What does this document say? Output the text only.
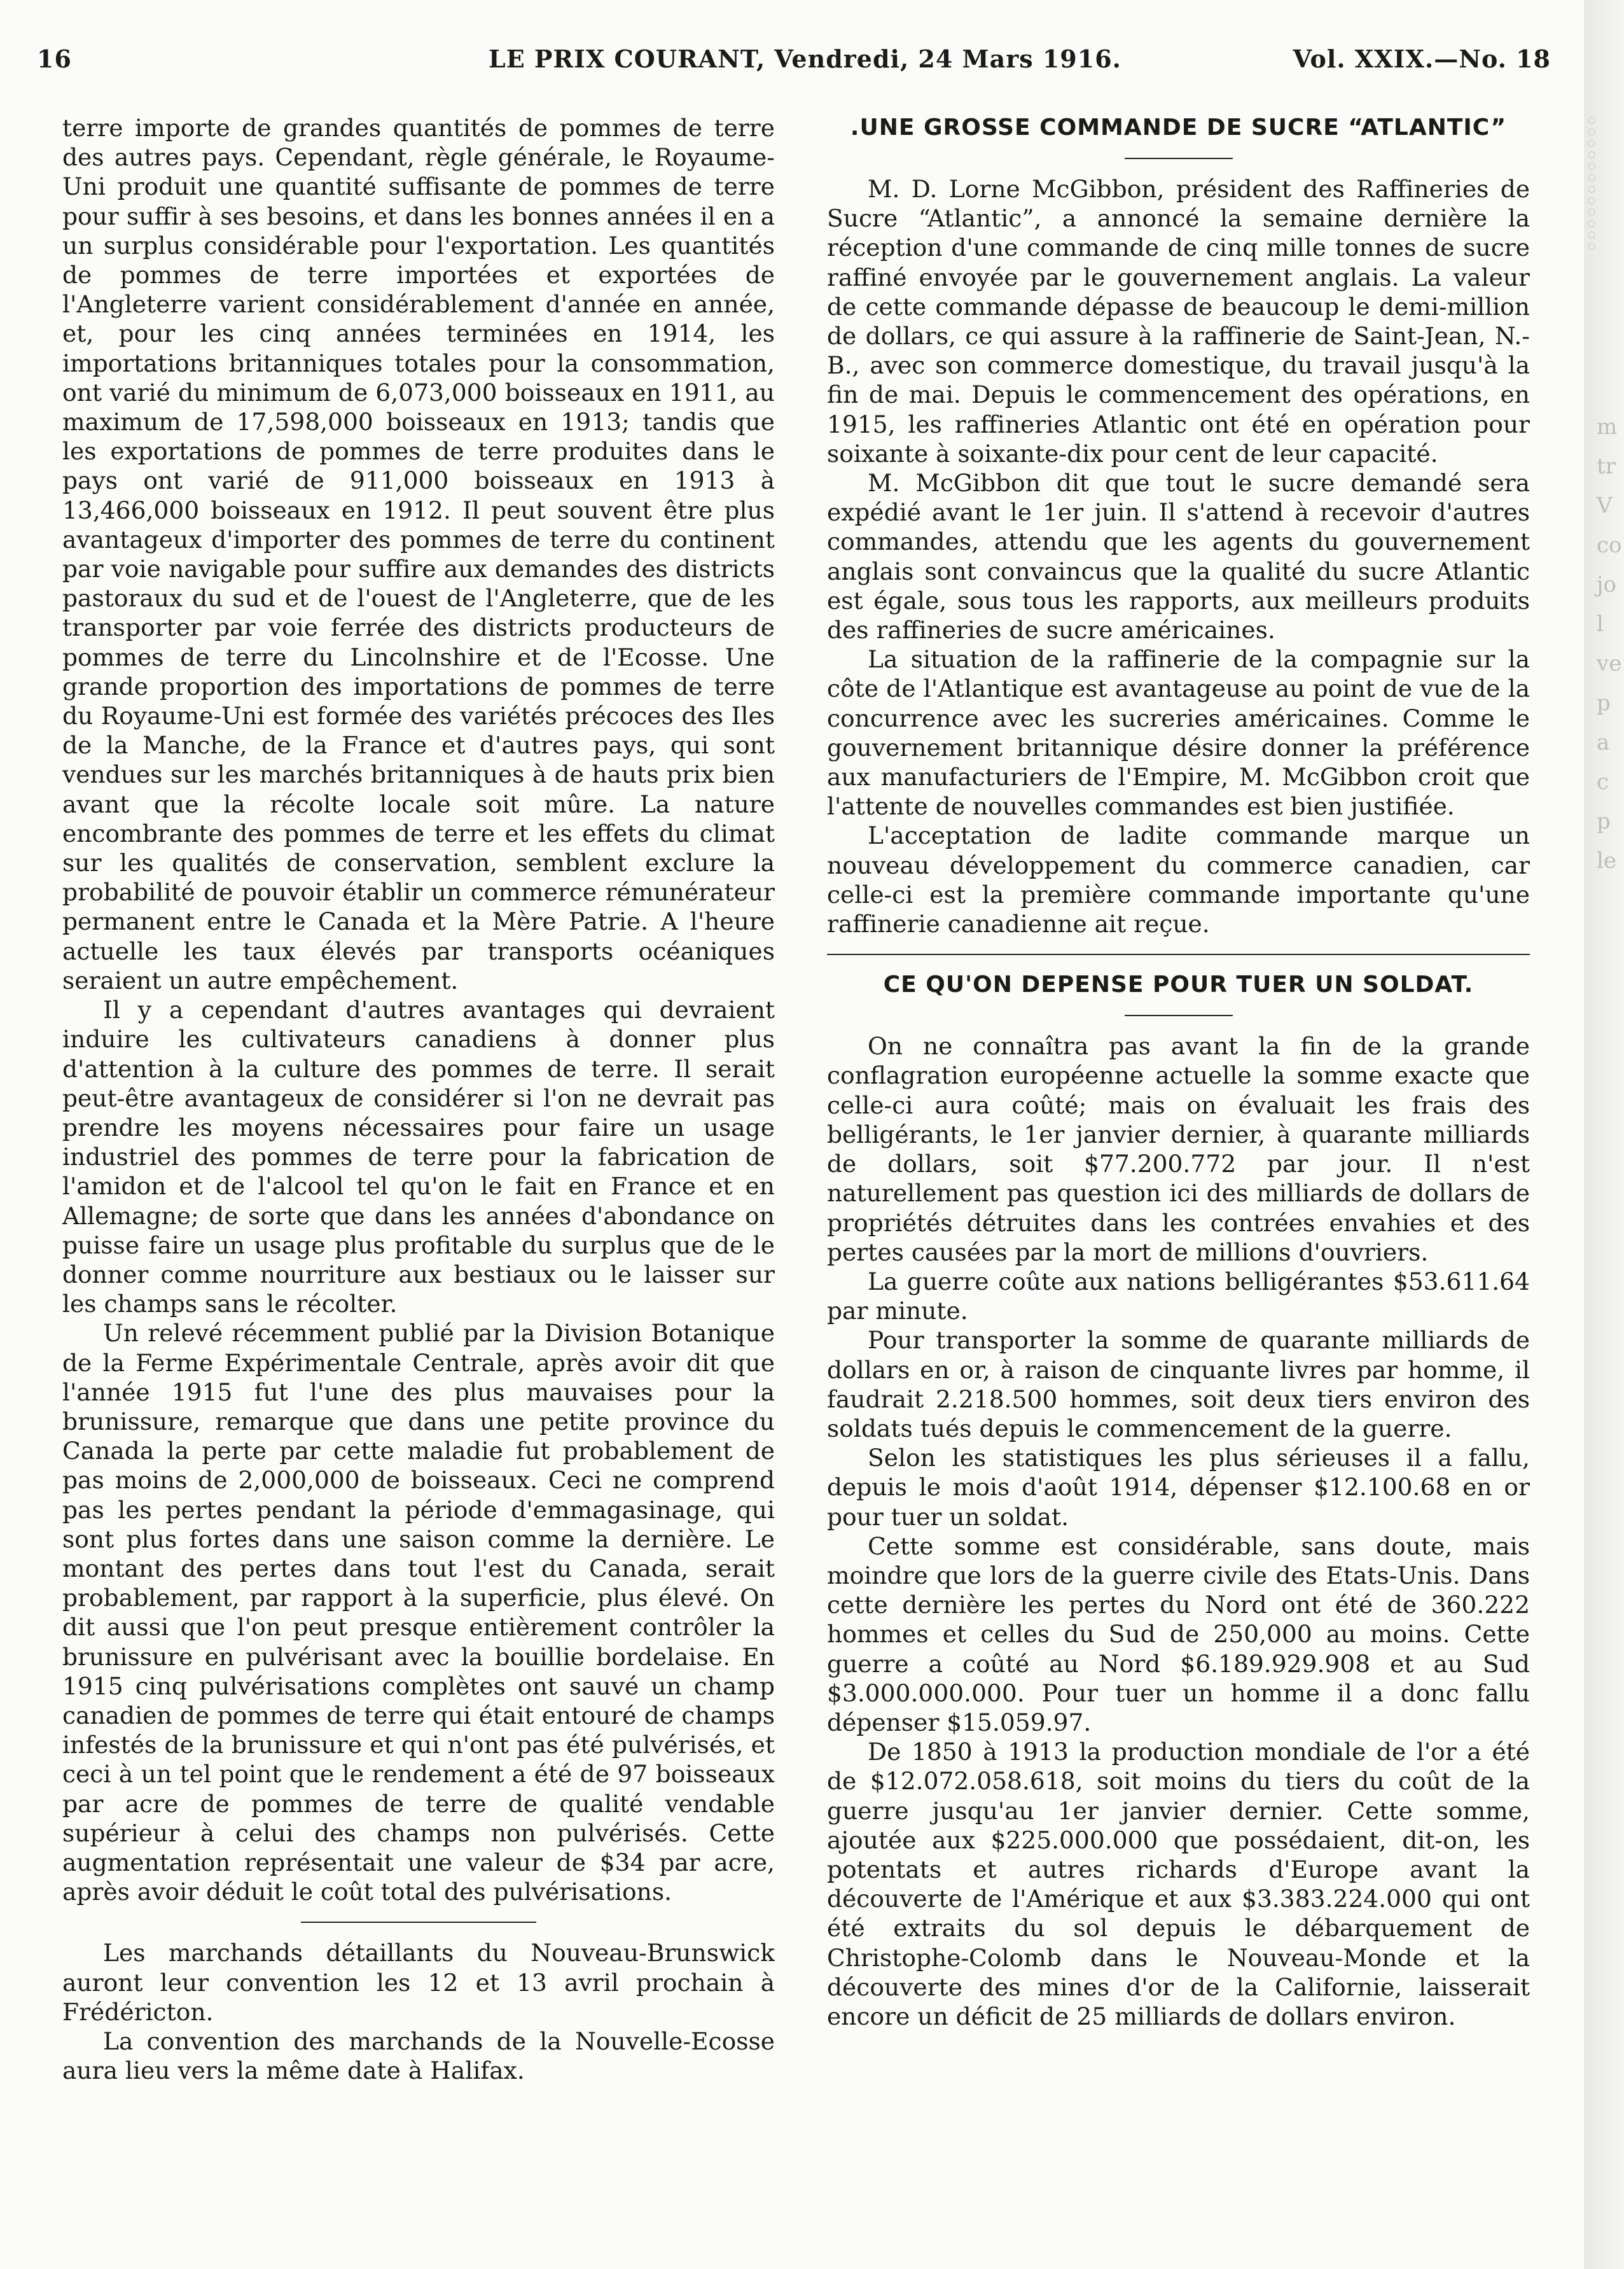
16	LE PRIX COURANT, Vendredi, 24 Mars 1916.	Vol. XXIX.—No. 18

terre importe de grandes quantités de pommes de terre des autres pays. Cependant, règle générale, le Royaume-Uni produit une quantité suffisante de pommes de terre pour suffir à ses besoins, et dans les bonnes années il en a un surplus considérable pour l'exportation. Les quantités de pommes de terre importées et exportées de l'Angleterre varient considérablement d'année en année, et, pour les cinq années terminées en 1914, les importations britanniques totales pour la consommation, ont varié du minimum de 6,073,000 boisseaux en 1911, au maximum de 17,598,000 boisseaux en 1913; tandis que les exportations de pommes de terre produites dans le pays ont varié de 911,000 boisseaux en 1913 à 13,466,000 boisseaux en 1912. Il peut souvent être plus avantageux d'importer des pommes de terre du continent par voie navigable pour suffire aux demandes des districts pastoraux du sud et de l'ouest de l'Angleterre, que de les transporter par voie ferrée des districts producteurs de pommes de terre du Lincolnshire et de l'Ecosse. Une grande proportion des importations de pommes de terre du Royaume-Uni est formée des variétés précoces des Iles de la Manche, de la France et d'autres pays, qui sont vendues sur les marchés britanniques à de hauts prix bien avant que la récolte locale soit mûre. La nature encombrante des pommes de terre et les effets du climat sur les qualités de conservation, semblent exclure la probabilité de pouvoir établir un commerce rémunérateur permanent entre le Canada et la Mère Patrie. A l'heure actuelle les taux élevés par transports océaniques seraient un autre empêchement.

Il y a cependant d'autres avantages qui devraient induire les cultivateurs canadiens à donner plus d'attention à la culture des pommes de terre. Il serait peut-être avantageux de considérer si l'on ne devrait pas prendre les moyens nécessaires pour faire un usage industriel des pommes de terre pour la fabrication de l'amidon et de l'alcool tel qu'on le fait en France et en Allemagne; de sorte que dans les années d'abondance on puisse faire un usage plus profitable du surplus que de le donner comme nourriture aux bestiaux ou le laisser sur les champs sans le récolter.

Un relevé récemment publié par la Division Botanique de la Ferme Expérimentale Centrale, après avoir dit que l'année 1915 fut l'une des plus mauvaises pour la brunissure, remarque que dans une petite province du Canada la perte par cette maladie fut probablement de pas moins de 2,000,000 de boisseaux. Ceci ne comprend pas les pertes pendant la période d'emmagasinage, qui sont plus fortes dans une saison comme la dernière. Le montant des pertes dans tout l'est du Canada, serait probablement, par rapport à la superficie, plus élevé. On dit aussi que l'on peut presque entièrement contrôler la brunissure en pulvérisant avec la bouillie bordelaise. En 1915 cinq pulvérisations complètes ont sauvé un champ canadien de pommes de terre qui était entouré de champs infestés de la brunissure et qui n'ont pas été pulvérisés, et ceci à un tel point que le rendement a été de 97 boisseaux par acre de pommes de terre de qualité vendable supérieur à celui des champs non pulvérisés. Cette augmentation représentait une valeur de $34 par acre, après avoir déduit le coût total des pulvérisations.

Les marchands détaillants du Nouveau-Brunswick auront leur convention les 12 et 13 avril prochain à Frédéricton.

La convention des marchands de la Nouvelle-Ecosse aura lieu vers la même date à Halifax.

.UNE GROSSE COMMANDE DE SUCRE “ATLANTIC”

M. D. Lorne McGibbon, président des Raffineries de Sucre “Atlantic”, a annoncé la semaine dernière la réception d'une commande de cinq mille tonnes de sucre raffiné envoyée par le gouvernement anglais. La valeur de cette commande dépasse de beaucoup le demi-million de dollars, ce qui assure à la raffinerie de Saint-Jean, N.-B., avec son commerce domestique, du travail jusqu'à la fin de mai. Depuis le commencement des opérations, en 1915, les raffineries Atlantic ont été en opération pour soixante à soixante-dix pour cent de leur capacité.

M. McGibbon dit que tout le sucre demandé sera expédié avant le 1er juin. Il s'attend à recevoir d'autres commandes, attendu que les agents du gouvernement anglais sont convaincus que la qualité du sucre Atlantic est égale, sous tous les rapports, aux meilleurs produits des raffineries de sucre américaines.

La situation de la raffinerie de la compagnie sur la côte de l'Atlantique est avantageuse au point de vue de la concurrence avec les sucreries américaines. Comme le gouvernement britannique désire donner la préférence aux manufacturiers de l'Empire, M. McGibbon croit que l'attente de nouvelles commandes est bien justifiée.

L'acceptation de ladite commande marque un nouveau développement du commerce canadien, car celle-ci est la première commande importante qu'une raffinerie canadienne ait reçue.

CE QU'ON DEPENSE POUR TUER UN SOLDAT.

On ne connaîtra pas avant la fin de la grande conflagration européenne actuelle la somme exacte que celle-ci aura coûté; mais on évaluait les frais des belligérants, le 1er janvier dernier, à quarante milliards de dollars, soit $77.200.772 par jour. Il n'est naturellement pas question ici des milliards de dollars de propriétés détruites dans les contrées envahies et des pertes causées par la mort de millions d'ouvriers.

La guerre coûte aux nations belligérantes $53.611.64 par minute.

Pour transporter la somme de quarante milliards de dollars en or, à raison de cinquante livres par homme, il faudrait 2.218.500 hommes, soit deux tiers environ des soldats tués depuis le commencement de la guerre.

Selon les statistiques les plus sérieuses il a fallu, depuis le mois d'août 1914, dépenser $12.100.68 en or pour tuer un soldat.

Cette somme est considérable, sans doute, mais moindre que lors de la guerre civile des Etats-Unis. Dans cette dernière les pertes du Nord ont été de 360.222 hommes et celles du Sud de 250,000 au moins. Cette guerre a coûté au Nord $6.189.929.908 et au Sud $3.000.000.000. Pour tuer un homme il a donc fallu dépenser $15.059.97.

De 1850 à 1913 la production mondiale de l'or a été de $12.072.058.618, soit moins du tiers du coût de la guerre jusqu'au 1er janvier dernier. Cette somme, ajoutée aux $225.000.000 que possédaient, dit-on, les potentats et autres richards d'Europe avant la découverte de l'Amérique et aux $3.383.224.000 qui ont été extraits du sol depuis le débarquement de Christophe-Colomb dans le Nouveau-Monde et la découverte des mines d'or de la Californie, laisserait encore un déficit de 25 milliards de dollars environ.

○
○
○
○
○
○
○
○
○
○
○
○
m
tr
V
co
jo
l
ve
p
a
c
p
le
